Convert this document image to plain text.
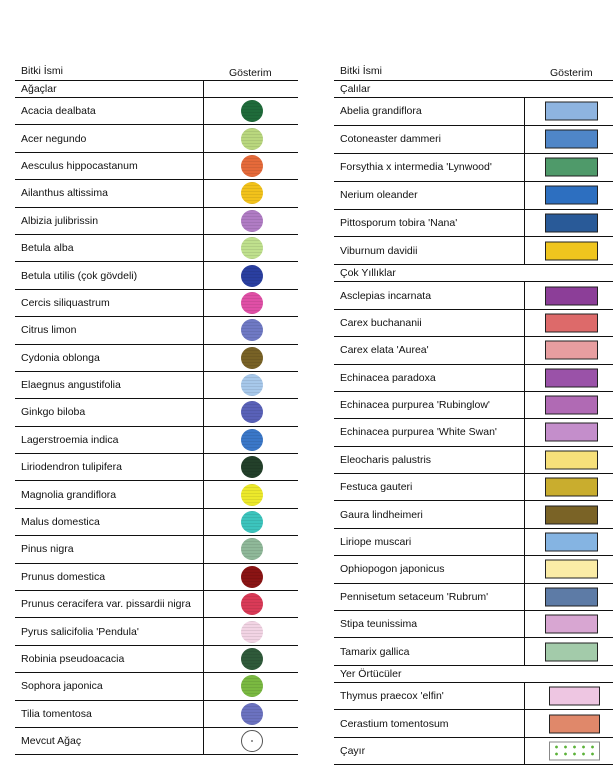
Bitki İsmi	Gösterim
Ağaçlar
Acacia dealbata
Acer negundo
Aesculus hippocastanum
Ailanthus altissima
Albizia julibrissin
Betula alba
Betula utilis (çok gövdeli)
Cercis siliquastrum
Citrus limon
Cydonia oblonga
Elaegnus angustifolia
Ginkgo biloba
Lagerstroemia indica
Liriodendron tulipifera
Magnolia grandiflora
Malus domestica
Pinus nigra
Prunus domestica
Prunus ceracifera var. pissardii nigra
Pyrus salicifolia 'Pendula'
Robinia pseudoacacia
Sophora japonica
Tilia tomentosa
Mevcut Ağaç
Bitki İsmi	Gösterim
Çalılar
Abelia grandiflora
Cotoneaster dammeri
Forsythia x intermedia 'Lynwood'
Nerium oleander
Pittosporum tobira 'Nana'
Viburnum davidii
Çok Yıllıklar
Asclepias incarnata
Carex buchananii
Carex elata 'Aurea'
Echinacea paradoxa
Echinacea purpurea 'Rubinglow'
Echinacea purpurea 'White Swan'
Eleocharis palustris
Festuca gauteri
Gaura lindheimeri
Liriope muscari
Ophiopogon japonicus
Pennisetum setaceum 'Rubrum'
Stipa teunissima
Tamarix gallica
Yer Örtücüler
Thymus praecox 'elfin'
Cerastium tomentosum
Çayır
